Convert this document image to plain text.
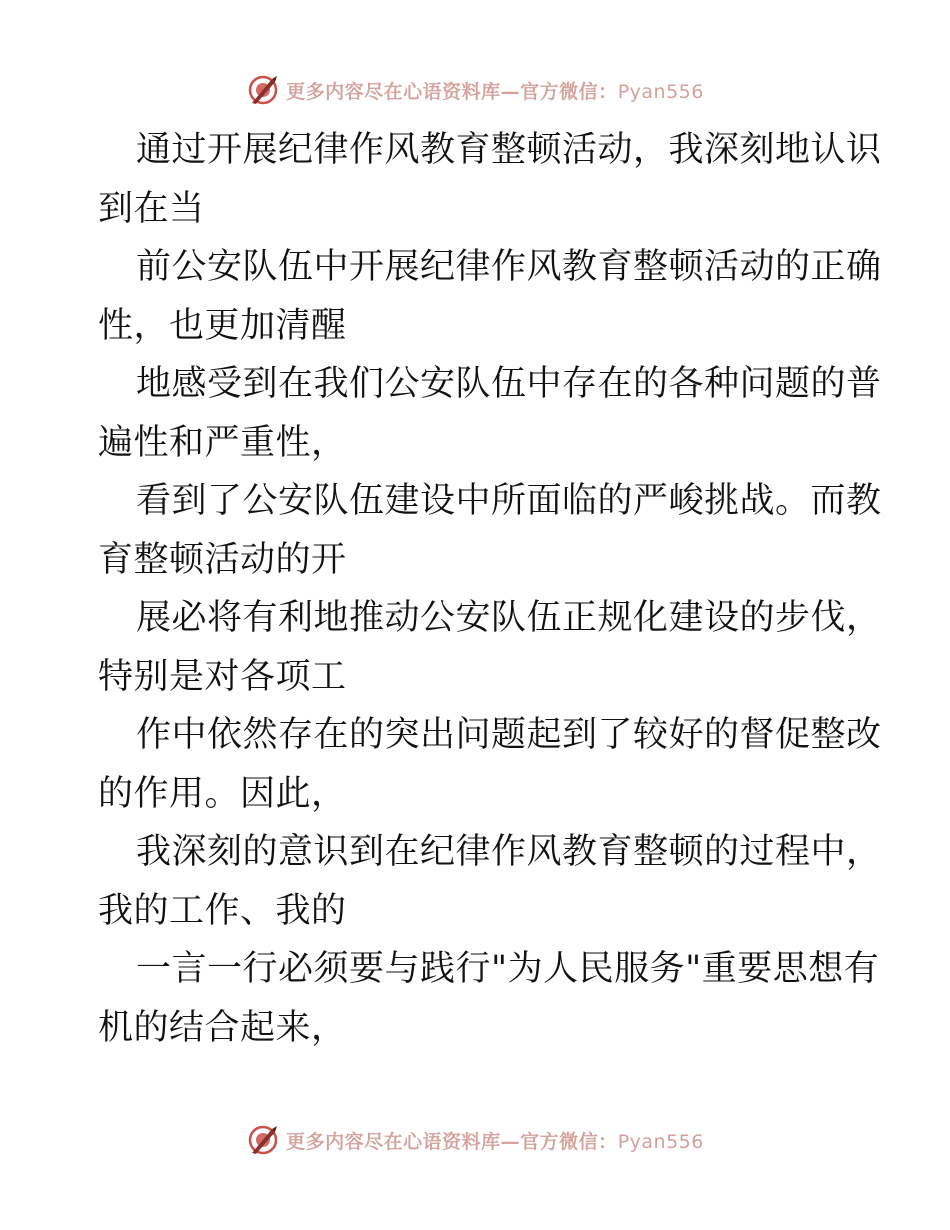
更多内容尽在心语资料库—官方微信：Pyan556
通过开展纪律作风教育整顿活动，我深刻地认识
到在当
前公安队伍中开展纪律作风教育整顿活动的正确
性，也更加清醒
地感受到在我们公安队伍中存在的各种问题的普
遍性和严重性，
看到了公安队伍建设中所面临的严峻挑战。而教
育整顿活动的开
展必将有利地推动公安队伍正规化建设的步伐，
特别是对各项工
作中依然存在的突出问题起到了较好的督促整改
的作用。因此，
我深刻的意识到在纪律作风教育整顿的过程中，
我的工作、我的
一言一行必须要与践行"为人民服务"重要思想有
机的结合起来，
更多内容尽在心语资料库—官方微信：Pyan556
